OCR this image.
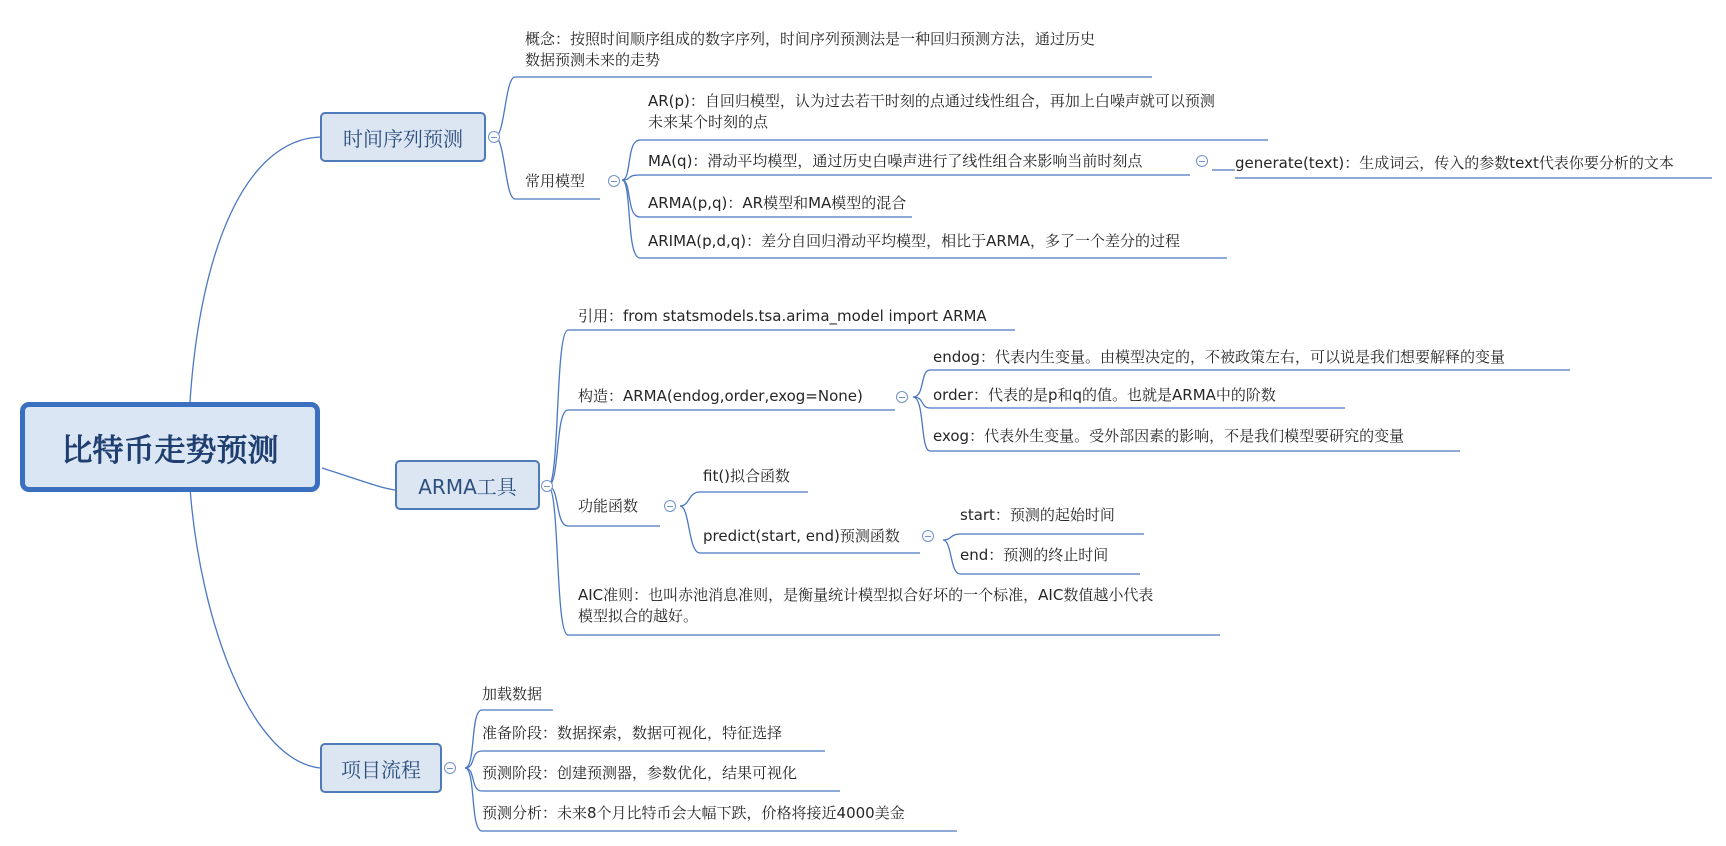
比特币走势预测
时间序列预测
ARMA工具
项目流程
概念：按照时间顺序组成的数字序列，时间序列预测法是一种回归预测方法，通过历史
数据预测未来的走势
常用模型
AR(p)：自回归模型，认为过去若干时刻的点通过线性组合，再加上白噪声就可以预测
未来某个时刻的点
MA(q)：滑动平均模型，通过历史白噪声进行了线性组合来影响当前时刻点	generate(text)：生成词云，传入的参数text代表你要分析的文本
ARMA(p,q)：AR模型和MA模型的混合
ARIMA(p,d,q)：差分自回归滑动平均模型，相比于ARMA，多了一个差分的过程
引用：from statsmodels.tsa.arima_model import ARMA
构造：ARMA(endog,order,exog=None)
endog：代表内生变量。由模型决定的，不被政策左右，可以说是我们想要解释的变量
order：代表的是p和q的值。也就是ARMA中的阶数
exog：代表外生变量。受外部因素的影响，不是我们模型要研究的变量
功能函数
fit()拟合函数
predict(start, end)预测函数
start：预测的起始时间
end：预测的终止时间
AIC准则：也叫赤池消息准则，是衡量统计模型拟合好坏的一个标准，AIC数值越小代表
模型拟合的越好。
加载数据
准备阶段：数据探索，数据可视化，特征选择
预测阶段：创建预测器，参数优化，结果可视化
预测分析：未来8个月比特币会大幅下跌，价格将接近4000美金
